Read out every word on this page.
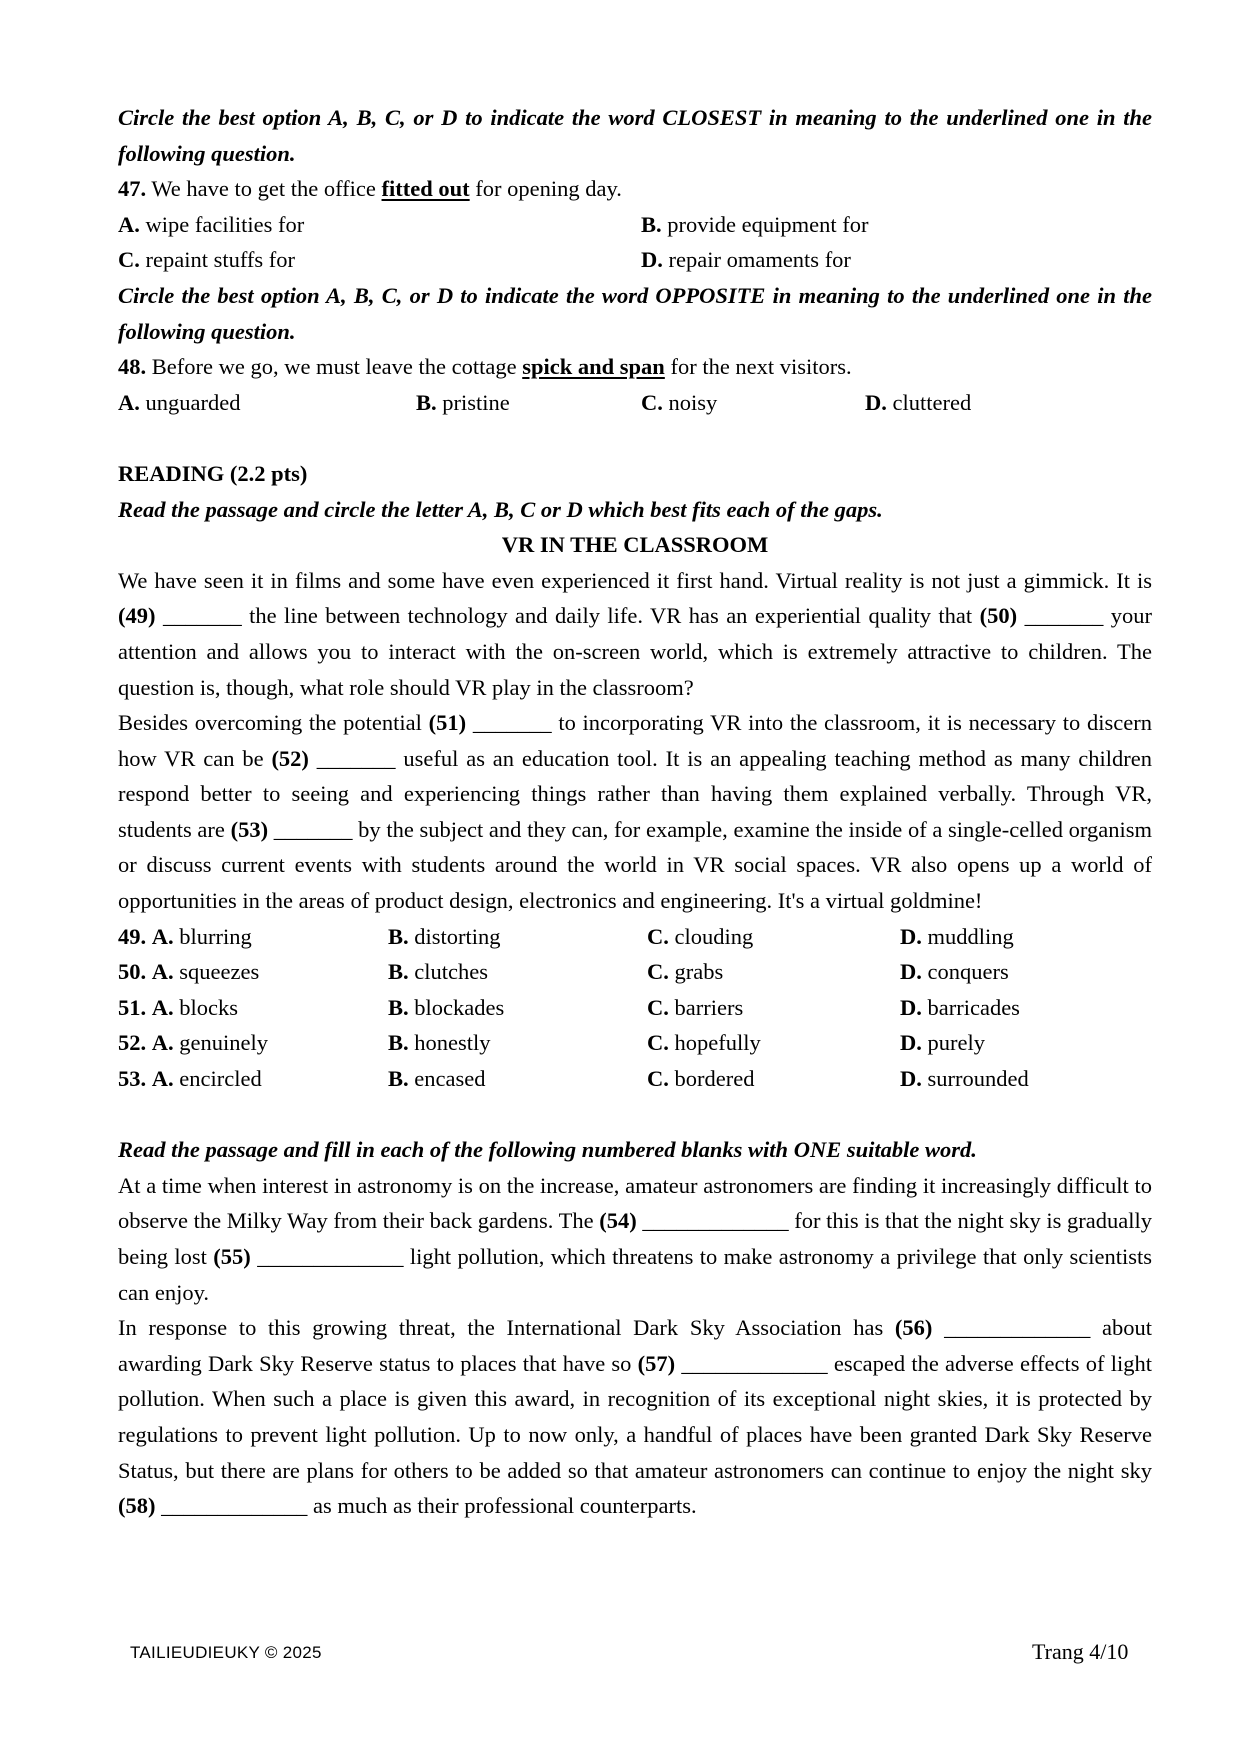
Circle the best option A, B, C, or D to indicate the word CLOSEST in meaning to the underlined one in the following question.
47. We have to get the office fitted out for opening day.
A. wipe facilities for	B. provide equipment for
C. repaint stuffs for	D. repair omaments for
Circle the best option A, B, C, or D to indicate the word OPPOSITE in meaning to the underlined one in the following question.
48. Before we go, we must leave the cottage spick and span for the next visitors.
A. unguarded	B. pristine	C. noisy	D. cluttered
READING (2.2 pts)
Read the passage and circle the letter A, B, C or D which best fits each of the gaps.
VR IN THE CLASSROOM
We have seen it in films and some have even experienced it first hand. Virtual reality is not just a gimmick. It is (49) _______ the line between technology and daily life. VR has an experiential quality that (50) _______ your attention and allows you to interact with the on-screen world, which is extremely attractive to children. The question is, though, what role should VR play in the classroom?
Besides overcoming the potential (51) _______ to incorporating VR into the classroom, it is necessary to discern how VR can be (52) _______ useful as an education tool. It is an appealing teaching method as many children respond better to seeing and experiencing things rather than having them explained verbally. Through VR, students are (53) _______ by the subject and they can, for example, examine the inside of a single-celled organism or discuss current events with students around the world in VR social spaces. VR also opens up a world of opportunities in the areas of product design, electronics and engineering. It's a virtual goldmine!
49. A. blurring	B. distorting	C. clouding	D. muddling
50. A. squeezes	B. clutches	C. grabs	D. conquers
51. A. blocks	B. blockades	C. barriers	D. barricades
52. A. genuinely	B. honestly	C. hopefully	D. purely
53. A. encircled	B. encased	C. bordered	D. surrounded
Read the passage and fill in each of the following numbered blanks with ONE suitable word.
At a time when interest in astronomy is on the increase, amateur astronomers are finding it increasingly difficult to observe the Milky Way from their back gardens. The (54) _____________ for this is that the night sky is gradually being lost (55) _____________ light pollution, which threatens to make astronomy a privilege that only scientists can enjoy.
In response to this growing threat, the International Dark Sky Association has (56) _____________ about awarding Dark Sky Reserve status to places that have so (57) _____________ escaped the adverse effects of light pollution. When such a place is given this award, in recognition of its exceptional night skies, it is protected by regulations to prevent light pollution. Up to now only, a handful of places have been granted Dark Sky Reserve Status, but there are plans for others to be added so that amateur astronomers can continue to enjoy the night sky (58) _____________ as much as their professional counterparts.
TAILIEUDIEUKY © 2025	Trang 4/10
